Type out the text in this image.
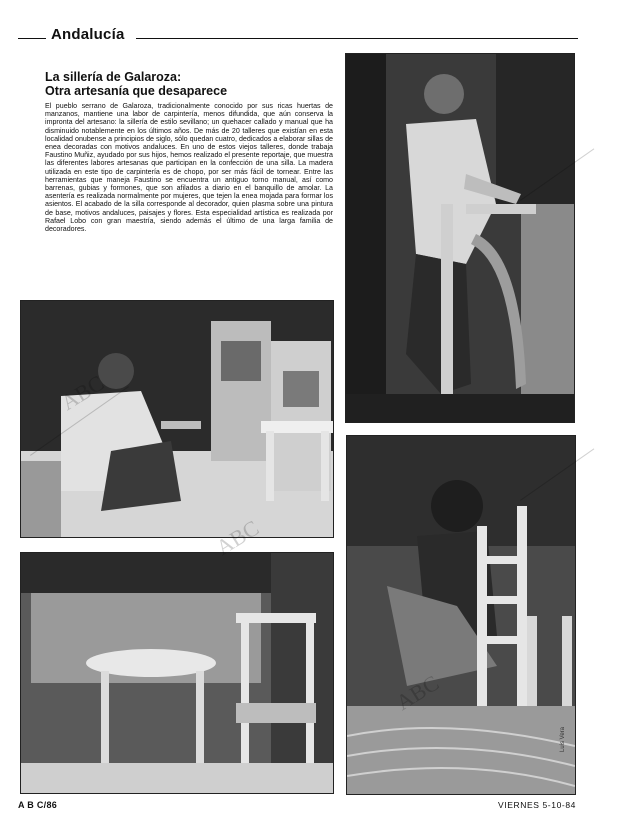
Andalucía
La sillería de Galaroza:
Otra artesanía que desaparece

El pueblo serrano de Galaroza, tradicionalmente conocido por sus ricas huertas de manzanos, mantiene una labor de carpintería, menos difundida, que aún conserva la impronta del artesano: la sillería de estilo sevillano; un quehacer callado y manual que ha disminuido notablemente en los últimos años. De más de 20 talleres que existían en esta localidad onubense a principios de siglo, sólo quedan cuatro, dedicados a elaborar sillas de enea decoradas con motivos andaluces. En uno de estos viejos talleres, donde trabaja Faustino Muñiz, ayudado por sus hijos, hemos realizado el presente reportaje, que muestra las diferentes labores artesanas que participan en la confección de una silla. La madera utilizada en este tipo de carpintería es de chopo, por ser más fácil de tornear. Entre las herramientas que maneja Faustino se encuentra un antiguo torno manual, así como barrenas, gubias y formones, que son afilados a diario en el banquillo de amolar. La asentería es realizada normalmente por mujeres, que tejen la enea mojada para formar los asientos. El acabado de la silla corresponde al decorador, quien plasma sobre una pintura de base, motivos andaluces, paisajes y flores. Esta especialidad artística es realizada por Rafael Lobo con gran maestría, siendo además el último de una larga familia de decoradores.

Luis Vera
ABC
A B C/86	VIERNES 5-10-84
